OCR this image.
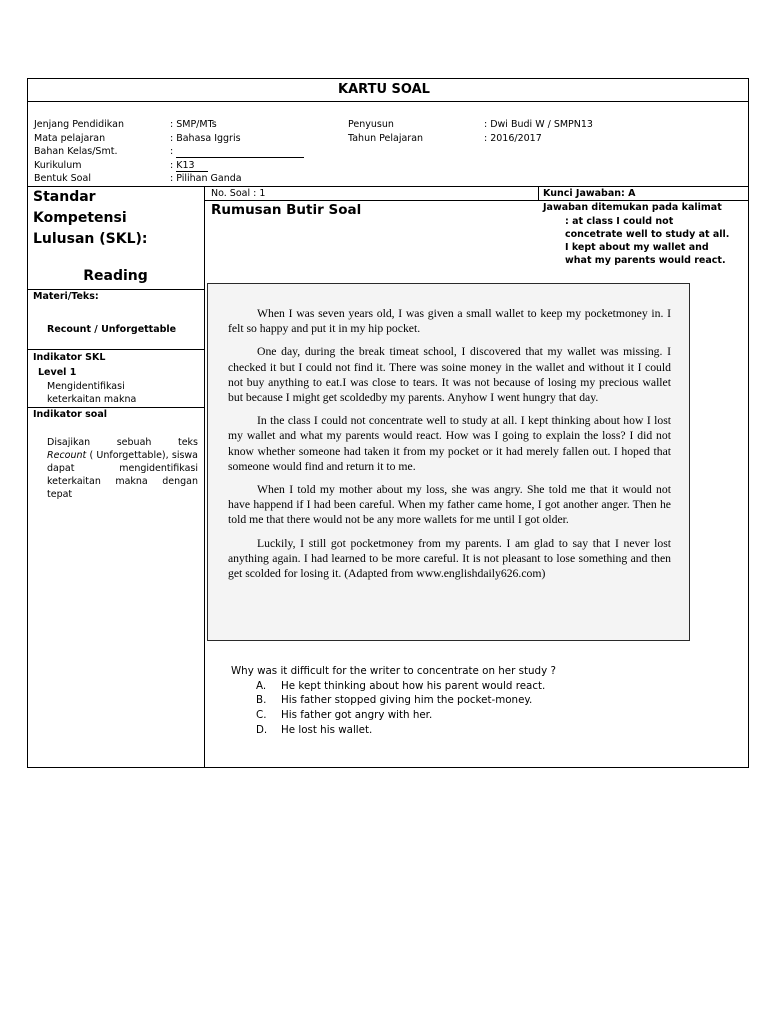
KARTU SOAL
Jenjang Pendidikan
Mata pelajaran
Bahan Kelas/Smt.
Kurikulum
Bentuk Soal
: SMP/MTs
: Bahasa Iggris
:
: K13
: Pilihan Ganda
Penyusun
Tahun Pelajaran
: Dwi Budi W / SMPN13
: 2016/2017
Standar
Kompetensi
Lulusan (SKL):
Reading
No. Soal : 1	Kunci Jawaban: A
Rumusan Butir Soal	Jawaban ditemukan pada kalimat
: at class I could not
concetrate well to study at all.
I kept about my wallet and
what my parents would react.
Materi/Teks:
Recount / Unforgettable
Indikator SKL
Level 1
Mengidentifikasi
keterkaitan makna
Indikator soal

Disajikan sebuah teks

Recount ( Unforgettable), siswa dapat mengidentifikasi keterkaitan makna dengan tepat

When I was seven years old, I was given a small wallet to keep my pocketmoney in. I felt so happy and put it in my hip pocket.

One day, during the break timeat school, I discovered that my wallet was missing. I checked it but I could not find it. There was soine money in the wallet and without it I could not buy anything to eat.I was close to tears. It was not because of losing my precious wallet but because I might get scoldedby my parents. Anyhow I went hungry that day.

In the class I could not concentrate well to study at all. I kept thinking about how I lost my wallet and what my parents would react. How was I going to explain the loss? I did not know whether someone had taken it from my pocket or it had merely fallen out. I hoped that someone would find and return it to me.

When I told my mother about my loss, she was angry. She told me that it would not have happend if I had been careful. When my father came home, I got another anger. Then he told me that there would not be any more wallets for me until I got older.

Luckily, I still got pocketmoney from my parents. I am glad to say that I never lost anything again. I had learned to be more careful. It is not pleasant to lose something and then get scolded for losing it. (Adapted from www.englishdaily626.com)

Why was it difficult for the writer to concentrate on her study ?
A. He kept thinking about how his parent would react.
B. His father stopped giving him the pocket-money.
C. His father got angry with her.
D. He lost his wallet.
